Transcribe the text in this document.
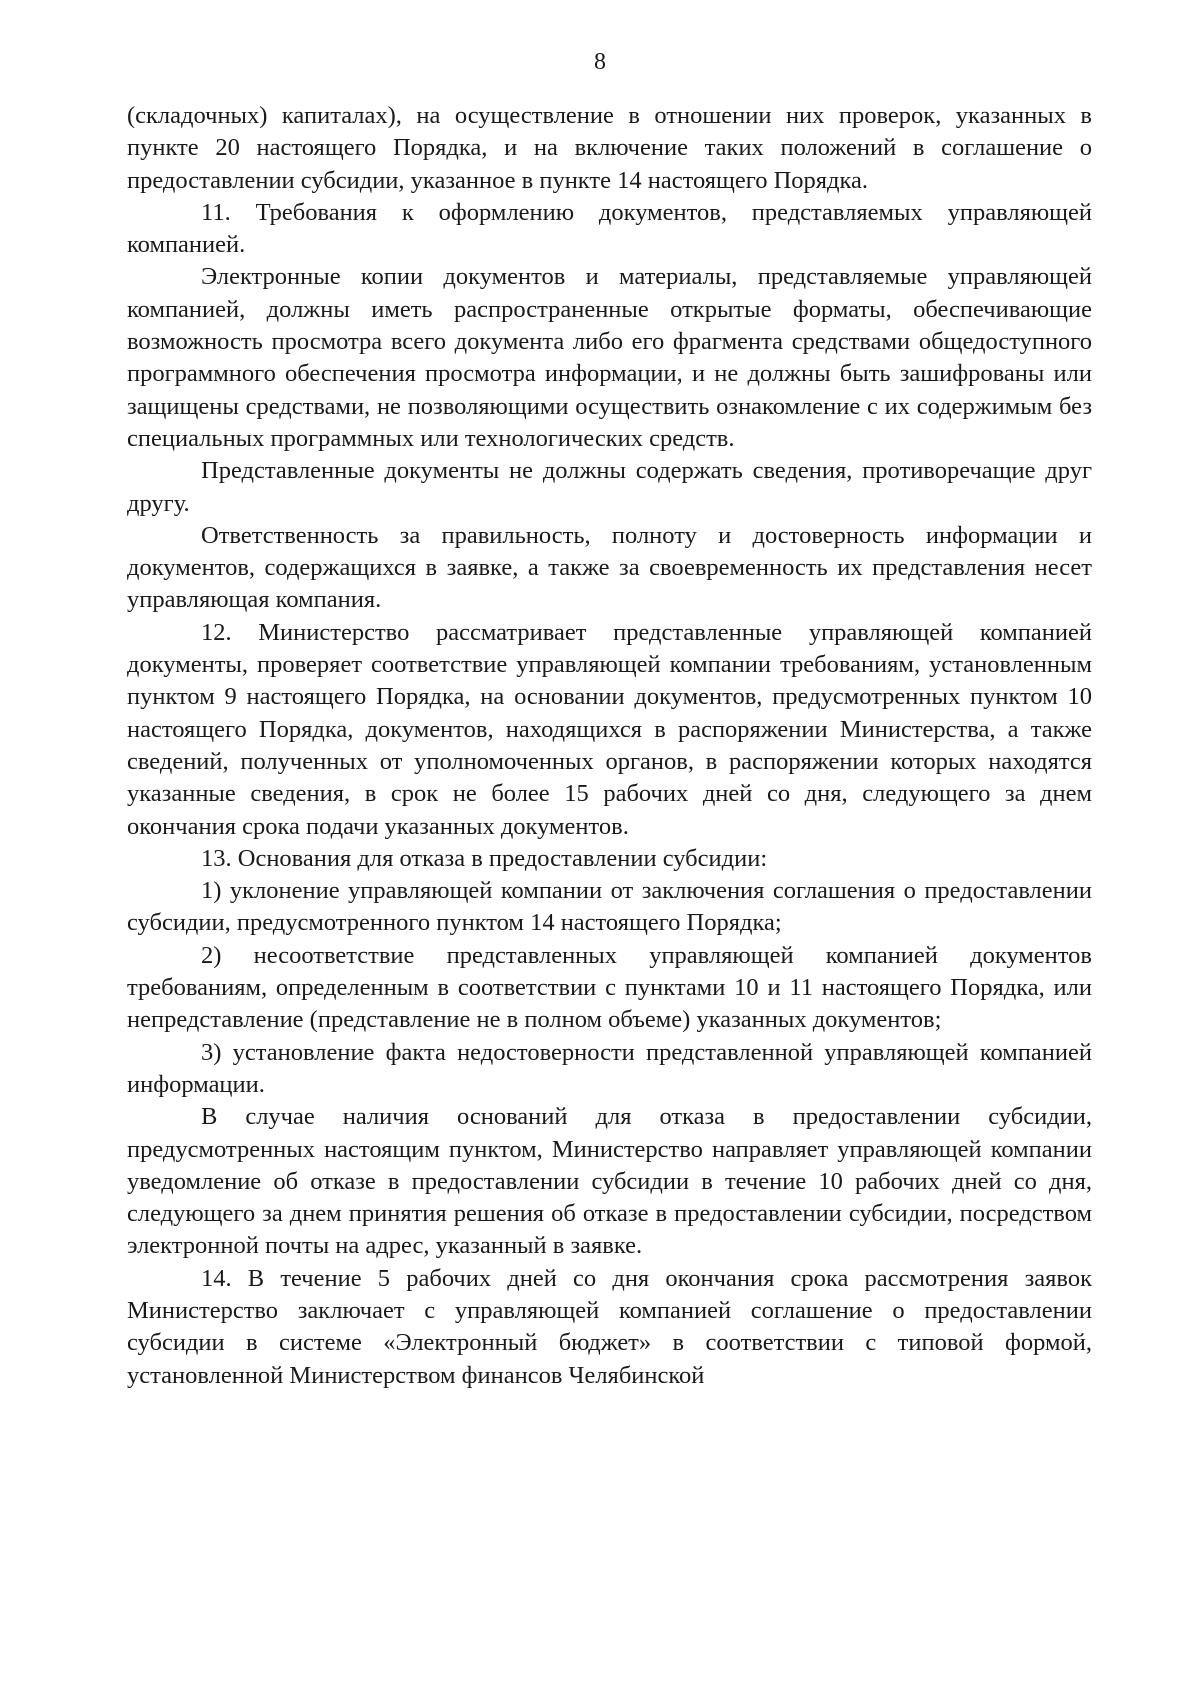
8

(складочных) капиталах), на осуществление в отношении них проверок, указанных в пункте 20 настоящего Порядка, и на включение таких положений в соглашение о предоставлении субсидии, указанное в пункте 14 настоящего Порядка.

11. Требования к оформлению документов, представляемых управляющей компанией.

Электронные копии документов и материалы, представляемые управляющей компанией, должны иметь распространенные открытые форматы, обеспечивающие возможность просмотра всего документа либо его фрагмента средствами общедоступного программного обеспечения просмотра информации, и не должны быть зашифрованы или защищены средствами, не позволяющими осуществить ознакомление с их содержимым без специальных программных или технологических средств.

Представленные документы не должны содержать сведения, противоречащие друг другу.

Ответственность за правильность, полноту и достоверность информации и документов, содержащихся в заявке, а также за своевременность их представления несет управляющая компания.

12. Министерство рассматривает представленные управляющей компанией документы, проверяет соответствие управляющей компании требованиям, установленным пунктом 9 настоящего Порядка, на основании документов, предусмотренных пунктом 10 настоящего Порядка, документов, находящихся в распоряжении Министерства, а также сведений, полученных от уполномоченных органов, в распоряжении которых находятся указанные сведения, в срок не более 15 рабочих дней со дня, следующего за днем окончания срока подачи указанных документов.

13. Основания для отказа в предоставлении субсидии:

1) уклонение управляющей компании от заключения соглашения о предоставлении субсидии, предусмотренного пунктом 14 настоящего Порядка;

2) несоответствие представленных управляющей компанией документов требованиям, определенным в соответствии с пунктами 10 и 11 настоящего Порядка, или непредставление (представление не в полном объеме) указанных документов;

3) установление факта недостоверности представленной управляющей компанией информации.

В случае наличия оснований для отказа в предоставлении субсидии, предусмотренных настоящим пунктом, Министерство направляет управляющей компании уведомление об отказе в предоставлении субсидии в течение 10 рабочих дней со дня, следующего за днем принятия решения об отказе в предоставлении субсидии, посредством электронной почты на адрес, указанный в заявке.

14. В течение 5 рабочих дней со дня окончания срока рассмотрения заявок Министерство заключает с управляющей компанией соглашение о предоставлении субсидии в системе «Электронный бюджет» в соответствии с типовой формой, установленной Министерством финансов Челябинской
